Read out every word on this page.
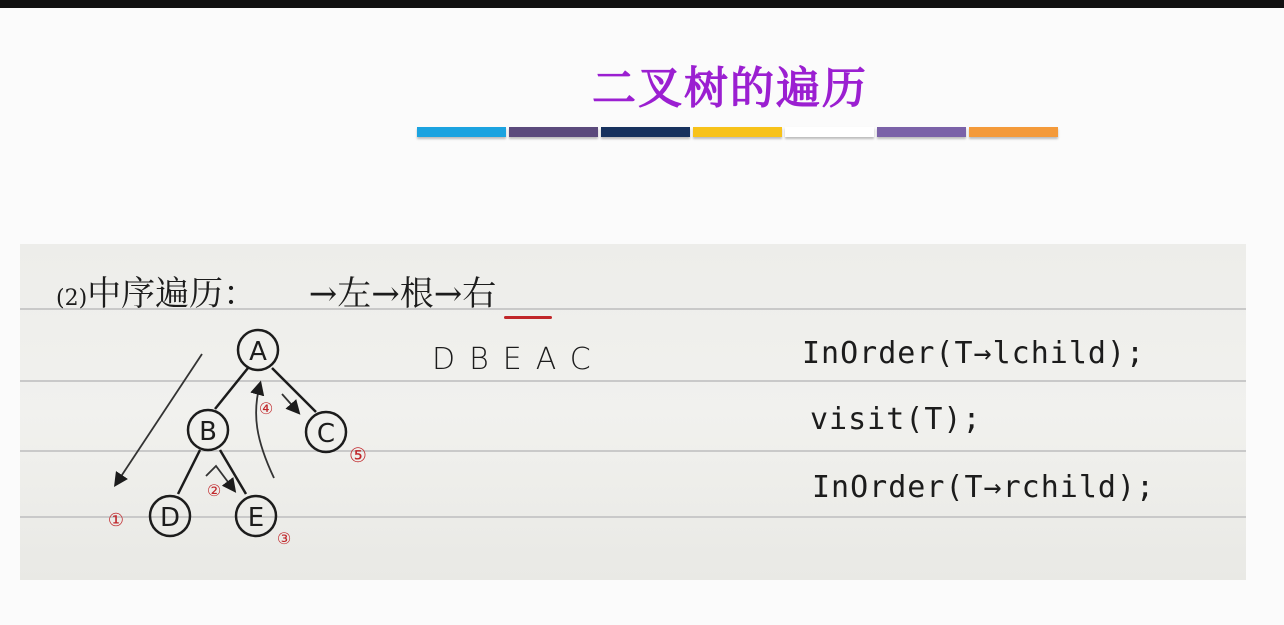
二叉树的遍历
(2)中序遍历： →左→根→右
DBEAC	InOrder(T→lchild);
visit(T);
InOrder(T→rchild);
A
B	C
D	E
①
②
③
④
⑤
